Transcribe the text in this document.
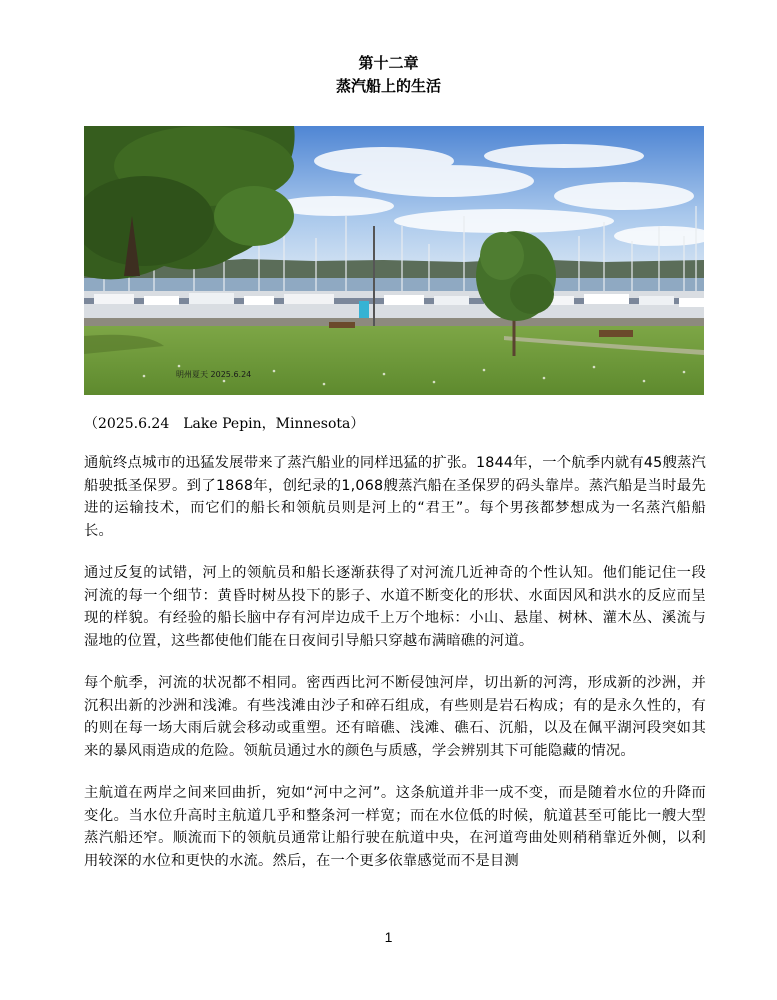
第十二章
蒸汽船上的生活
明州夏天 2025.6.24
（2025.6.24　Lake Pepin，Minnesota）

通航终点城市的迅猛发展带来了蒸汽船业的同样迅猛的扩张。1844年，一个航季内就有45艘蒸汽船驶抵圣保罗。到了1868年，创纪录的1,068艘蒸汽船在圣保罗的码头靠岸。蒸汽船是当时最先进的运输技术，而它们的船长和领航员则是河上的“君王”。每个男孩都梦想成为一名蒸汽船船长。

通过反复的试错，河上的领航员和船长逐渐获得了对河流几近神奇的个性认知。他们能记住一段河流的每一个细节：黄昏时树丛投下的影子、水道不断变化的形状、水面因风和洪水的反应而呈现的样貌。有经验的船长脑中存有河岸边成千上万个地标：小山、悬崖、树林、灌木丛、溪流与湿地的位置，这些都使他们能在日夜间引导船只穿越布满暗礁的河道。

每个航季，河流的状况都不相同。密西西比河不断侵蚀河岸，切出新的河湾，形成新的沙洲，并沉积出新的沙洲和浅滩。有些浅滩由沙子和碎石组成，有些则是岩石构成；有的是永久性的，有的则在每一场大雨后就会移动或重塑。还有暗礁、浅滩、礁石、沉船，以及在佩平湖河段突如其来的暴风雨造成的危险。领航员通过水的颜色与质感，学会辨别其下可能隐藏的情况。

主航道在两岸之间来回曲折，宛如“河中之河”。这条航道并非一成不变，而是随着水位的升降而变化。当水位升高时主航道几乎和整条河一样宽；而在水位低的时候，航道甚至可能比一艘大型蒸汽船还窄。顺流而下的领航员通常让船行驶在航道中央，在河道弯曲处则稍稍靠近外侧，以利用较深的水位和更快的水流。然后，在一个更多依靠感觉而不是目测

1
